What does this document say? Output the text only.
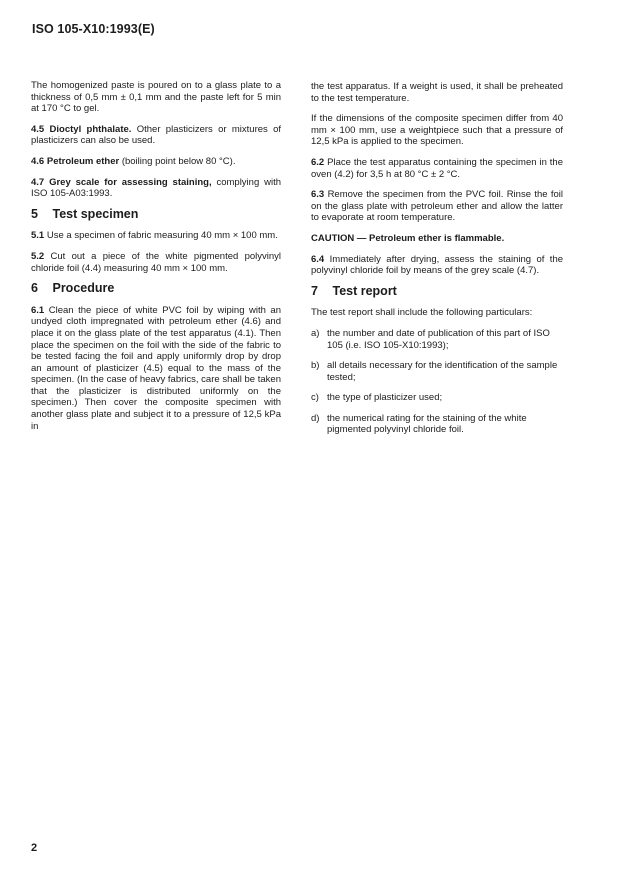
ISO 105-X10:1993(E)

The homogenized paste is poured on to a glass plate to a thickness of 0,5 mm ± 0,1 mm and the paste left for 5 min at 170 °C to gel.

4.5 Dioctyl phthalate. Other plasticizers or mixtures of plasticizers can also be used.

4.6 Petroleum ether (boiling point below 80 °C).

4.7 Grey scale for assessing staining, complying with ISO 105-A03:1993.

5 Test specimen

5.1 Use a specimen of fabric measuring 40 mm × 100 mm.

5.2 Cut out a piece of the white pigmented polyvinyl chloride foil (4.4) measuring 40 mm × 100 mm.

6 Procedure

6.1 Clean the piece of white PVC foil by wiping with an undyed cloth impregnated with petroleum ether (4.6) and place it on the glass plate of the test apparatus (4.1). Then place the specimen on the foil with the side of the fabric to be tested facing the foil and apply uniformly drop by drop an amount of plasticizer (4.5) equal to the mass of the specimen. (In the case of heavy fabrics, care shall be taken that the plasticizer is distributed uniformly on the specimen.) Then cover the composite specimen with another glass plate and subject it to a pressure of 12,5 kPa in

the test apparatus. If a weight is used, it shall be preheated to the test temperature.

If the dimensions of the composite specimen differ from 40 mm × 100 mm, use a weightpiece such that a pressure of 12,5 kPa is applied to the specimen.

6.2 Place the test apparatus containing the specimen in the oven (4.2) for 3,5 h at 80 °C ± 2 °C.

6.3 Remove the specimen from the PVC foil. Rinse the foil on the glass plate with petroleum ether and allow the latter to evaporate at room temperature.

CAUTION — Petroleum ether is flammable.

6.4 Immediately after drying, assess the staining of the polyvinyl chloride foil by means of the grey scale (4.7).

7 Test report

The test report shall include the following particulars:

a) the number and date of publication of this part of ISO 105 (i.e. ISO 105-X10:1993);
b) all details necessary for the identification of the sample tested;
c) the type of plasticizer used;
d) the numerical rating for the staining of the white pigmented polyvinyl chloride foil.
2
